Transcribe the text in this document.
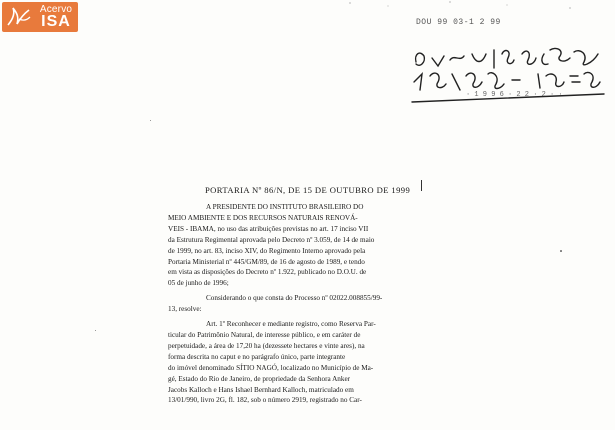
Acervo
ISA	DOU 99 03-1 2 99
· 1 9 9 6 · 2 2 · 2 · ·
PORTARIA Nº 86/N, DE 15 DE OUTUBRO DE 1999
A PRESIDENTE DO INSTITUTO BRASILEIRO DO
MEIO AMBIENTE E DOS RECURSOS NATURAIS RENOVÁ-
VEIS - IBAMA, no uso das atribuições previstas no art. 17 inciso VII
da Estrutura Regimental aprovada pelo Decreto nº 3.059, de 14 de maio
de 1999, no art. 83, inciso XIV, do Regimento Interno aprovado pela
Portaria Ministerial nº 445/GM/89, de 16 de agosto de 1989, e tendo
em vista as disposições do Decreto nº 1.922, publicado no D.O.U. de
05 de junho de 1996;
Considerando o que consta do Processo nº 02022.008855/99-
13, resolve:
Art. 1º Reconhecer e mediante registro, como Reserva Par-
ticular do Patrimônio Natural, de interesse público, e em caráter de
perpetuidade, a área de 17,20 ha (dezessete hectares e vinte ares), na
forma descrita no caput e no parágrafo único, parte integrante
do imóvel denominado SÍTIO NAGÓ, localizado no Município de Ma-
gé, Estado do Rio de Janeiro, de propriedade da Senhora Anker
Jacobs Kalloch e Hans Ishael Bernhard Kalloch, matriculado em
13/01/990, livro 2G, fl. 182, sob o número 2919, registrado no Car-
